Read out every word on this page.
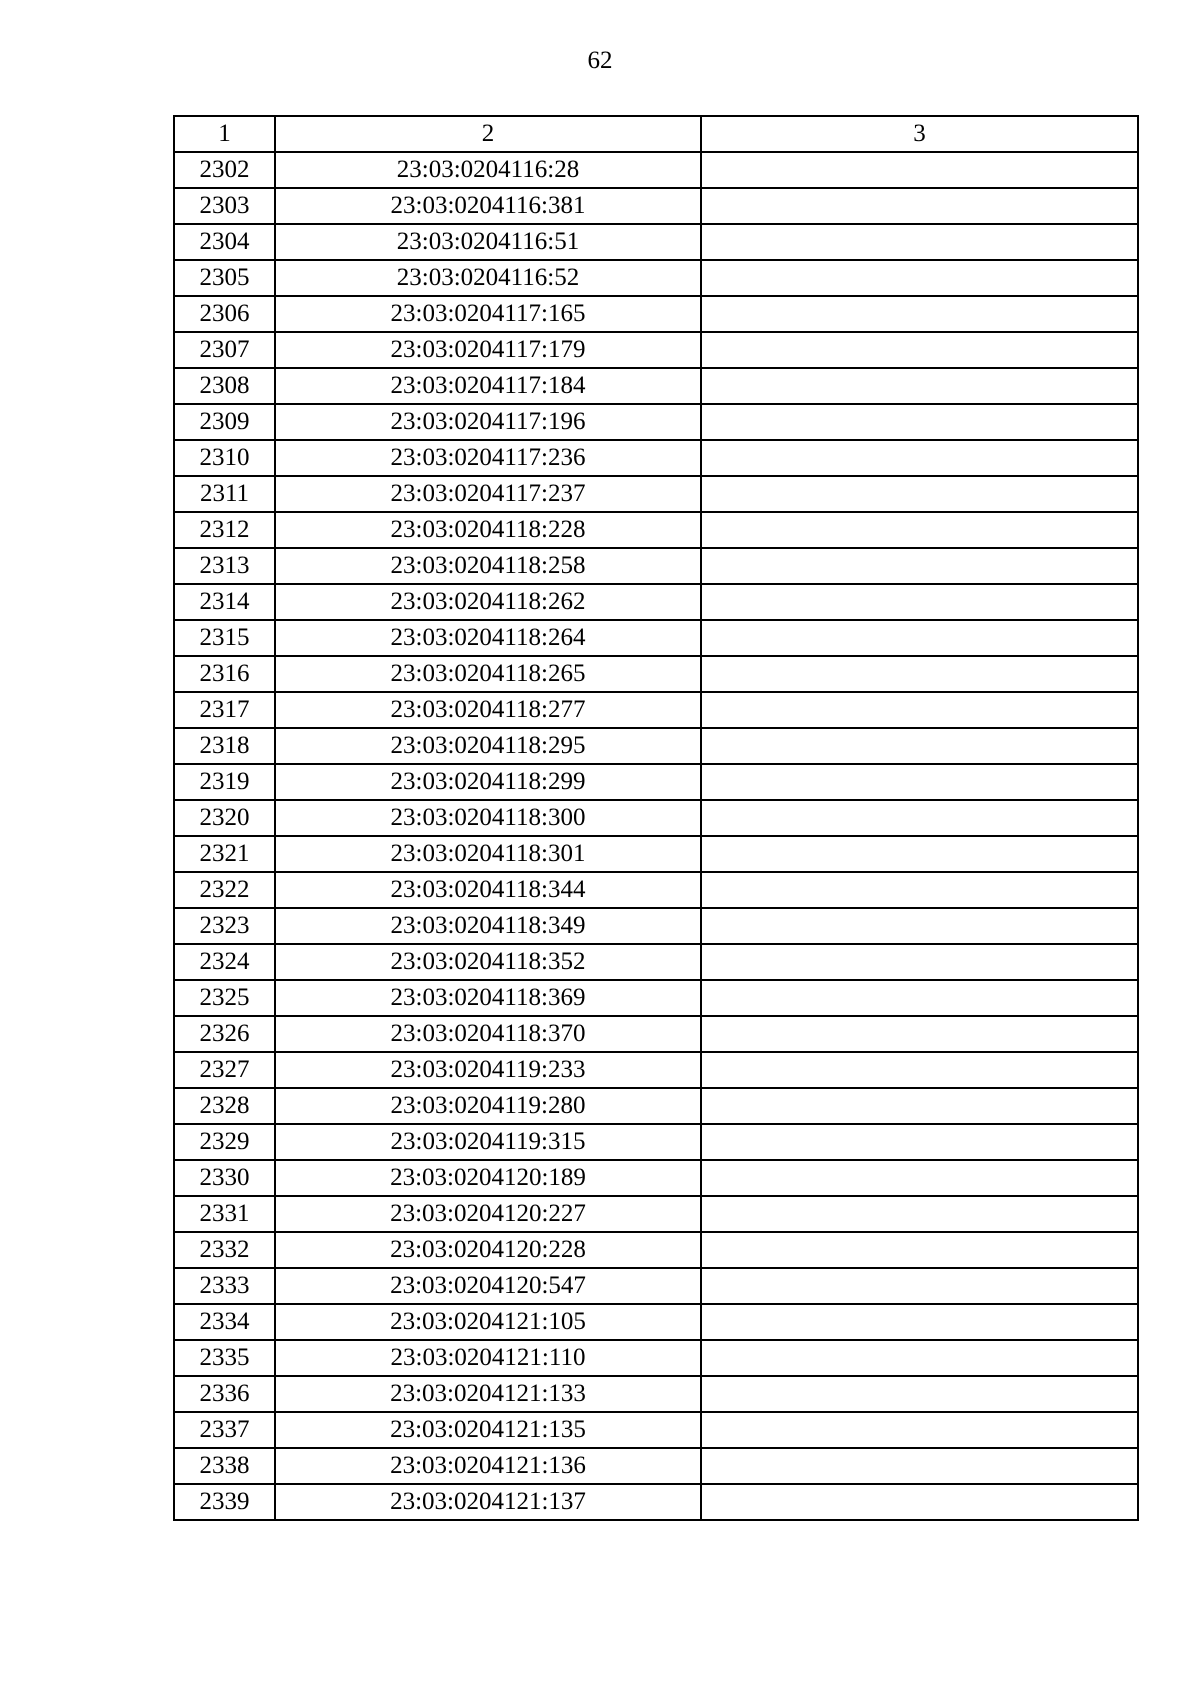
62
1	2	3
2302	23:03:0204116:28	
2303	23:03:0204116:381	
2304	23:03:0204116:51	
2305	23:03:0204116:52	
2306	23:03:0204117:165	
2307	23:03:0204117:179	
2308	23:03:0204117:184	
2309	23:03:0204117:196	
2310	23:03:0204117:236	
2311	23:03:0204117:237	
2312	23:03:0204118:228	
2313	23:03:0204118:258	
2314	23:03:0204118:262	
2315	23:03:0204118:264	
2316	23:03:0204118:265	
2317	23:03:0204118:277	
2318	23:03:0204118:295	
2319	23:03:0204118:299	
2320	23:03:0204118:300	
2321	23:03:0204118:301	
2322	23:03:0204118:344	
2323	23:03:0204118:349	
2324	23:03:0204118:352	
2325	23:03:0204118:369	
2326	23:03:0204118:370	
2327	23:03:0204119:233	
2328	23:03:0204119:280	
2329	23:03:0204119:315	
2330	23:03:0204120:189	
2331	23:03:0204120:227	
2332	23:03:0204120:228	
2333	23:03:0204120:547	
2334	23:03:0204121:105	
2335	23:03:0204121:110	
2336	23:03:0204121:133	
2337	23:03:0204121:135	
2338	23:03:0204121:136	
2339	23:03:0204121:137	
